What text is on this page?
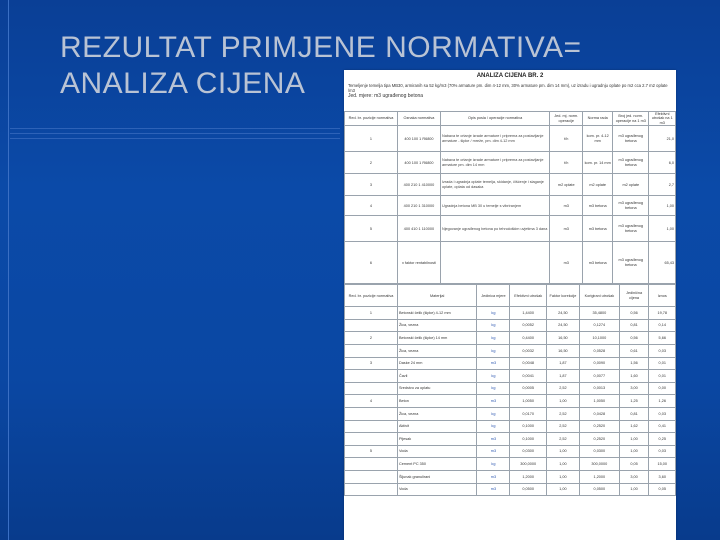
REZULTAT PRIMJENE NORMATIVA=
ANALIZA CIJENA	ANALIZA CIJENA BR. 2
Temeljenje temelja tipa MB30, armiranih sa 52 kg/m3 (70% armature pm. dim 4-12 mm, 30% armature pm. dim 14 mm), uz izradu i ugradnju oplate po m2 cca 2.7 m2 oplate /m3
Jed. mjere: m3 ugrađenog betona
Red. br. pozicije normativa	Oznaka normativa	Opis posla / operacije normativa	Jed. mj. norm. operacije	Norma rada	Broj jed. norm. operacije na 1 m3	Efektivni utrošak na 1 m3
1	400 100 1 R6800	Nabava te crtanje izrade armature i priprema za postavljanje armature - šipke / mreže, pm. dim 4-12 mm	t/h	kom. pr. 4-12 mm	m3 ugrađenog betona	21,0
2	400 100 1 R6800	Nabava te crtanje izrade armature i priprema za postavljanje armature pm. dim 14 mm	t/h	kom. pr. 14 mm	m3 ugrađenog betona	6,0
3	400 210 1 410000	Izrada i ugradnja oplate temelja, skidanje, čišćenje i slaganje oplate, oplata od dasaka	m2 oplate	m2 oplate	m2 oplate	2,7
4	400 210 1 310000	Ugradnja betona MB 30 u temelje s vibriranjem	m3	m3 betona	m3 ugrađenog betona	1,00
5	400 410 1 110000	Njegovanje ugrađenog betona po tehnološkim uvjetima 3 dana	m3	m3 betona	m3 ugrađenog betona	1,00
6	x faktor rentabilnosti		m3	m3 betona	m3 ugrađenog betona	65,43
Red. br. pozicije normativa	Materijal	Jedinica mjere	Efektivni utrošak	Faktor korekcije	Korigirani utrošak	Jedinična cijena	Iznos
1	Betonski čelik (šipke) 4-12 mm	kg	1,4400	24,50	35,4800	0,56	19,78
	Žica, vezna	kg	0,0052	24,50	0,1274	0,81	0,14
2	Betonski čelik (šipke) 14 mm	kg	0,4400	16,50	10,1000	0,56	5,66
	Žica, vezna	kg	0,0032	16,50	0,0528	0,61	0,03
3	Daske 24 mm	m3	0,0048	1,87	0,0090	1,56	0,01
	Čavli	kg	0,0041	1,87	0,0077	1,60	0,01
	Sredstvo za oplatu	kg	0,0005	2,52	0,0013	3,00	0,00
4	Beton	m3	1,0050	1,00	1,0050	1,25	1,26
	Žica, vezna	kg	0,0170	2,52	0,0428	0,81	0,03
	Aktivit	kg	0,1000	2,52	0,2520	1,62	0,41
	Pijesak	m3	0,1000	2,52	0,2520	1,00	0,25
5	Voda	m3	0,0300	1,00	0,0300	1,00	0,03
	Cement PC 350	kg	300,0000	1,00	300,0000	0,05	15,00
	Šljunak granulirani	m3	1,2000	1,00	1,2000	3,00	3,60
	Voda	m3	0,0500	1,00	0,0500	1,00	0,05
